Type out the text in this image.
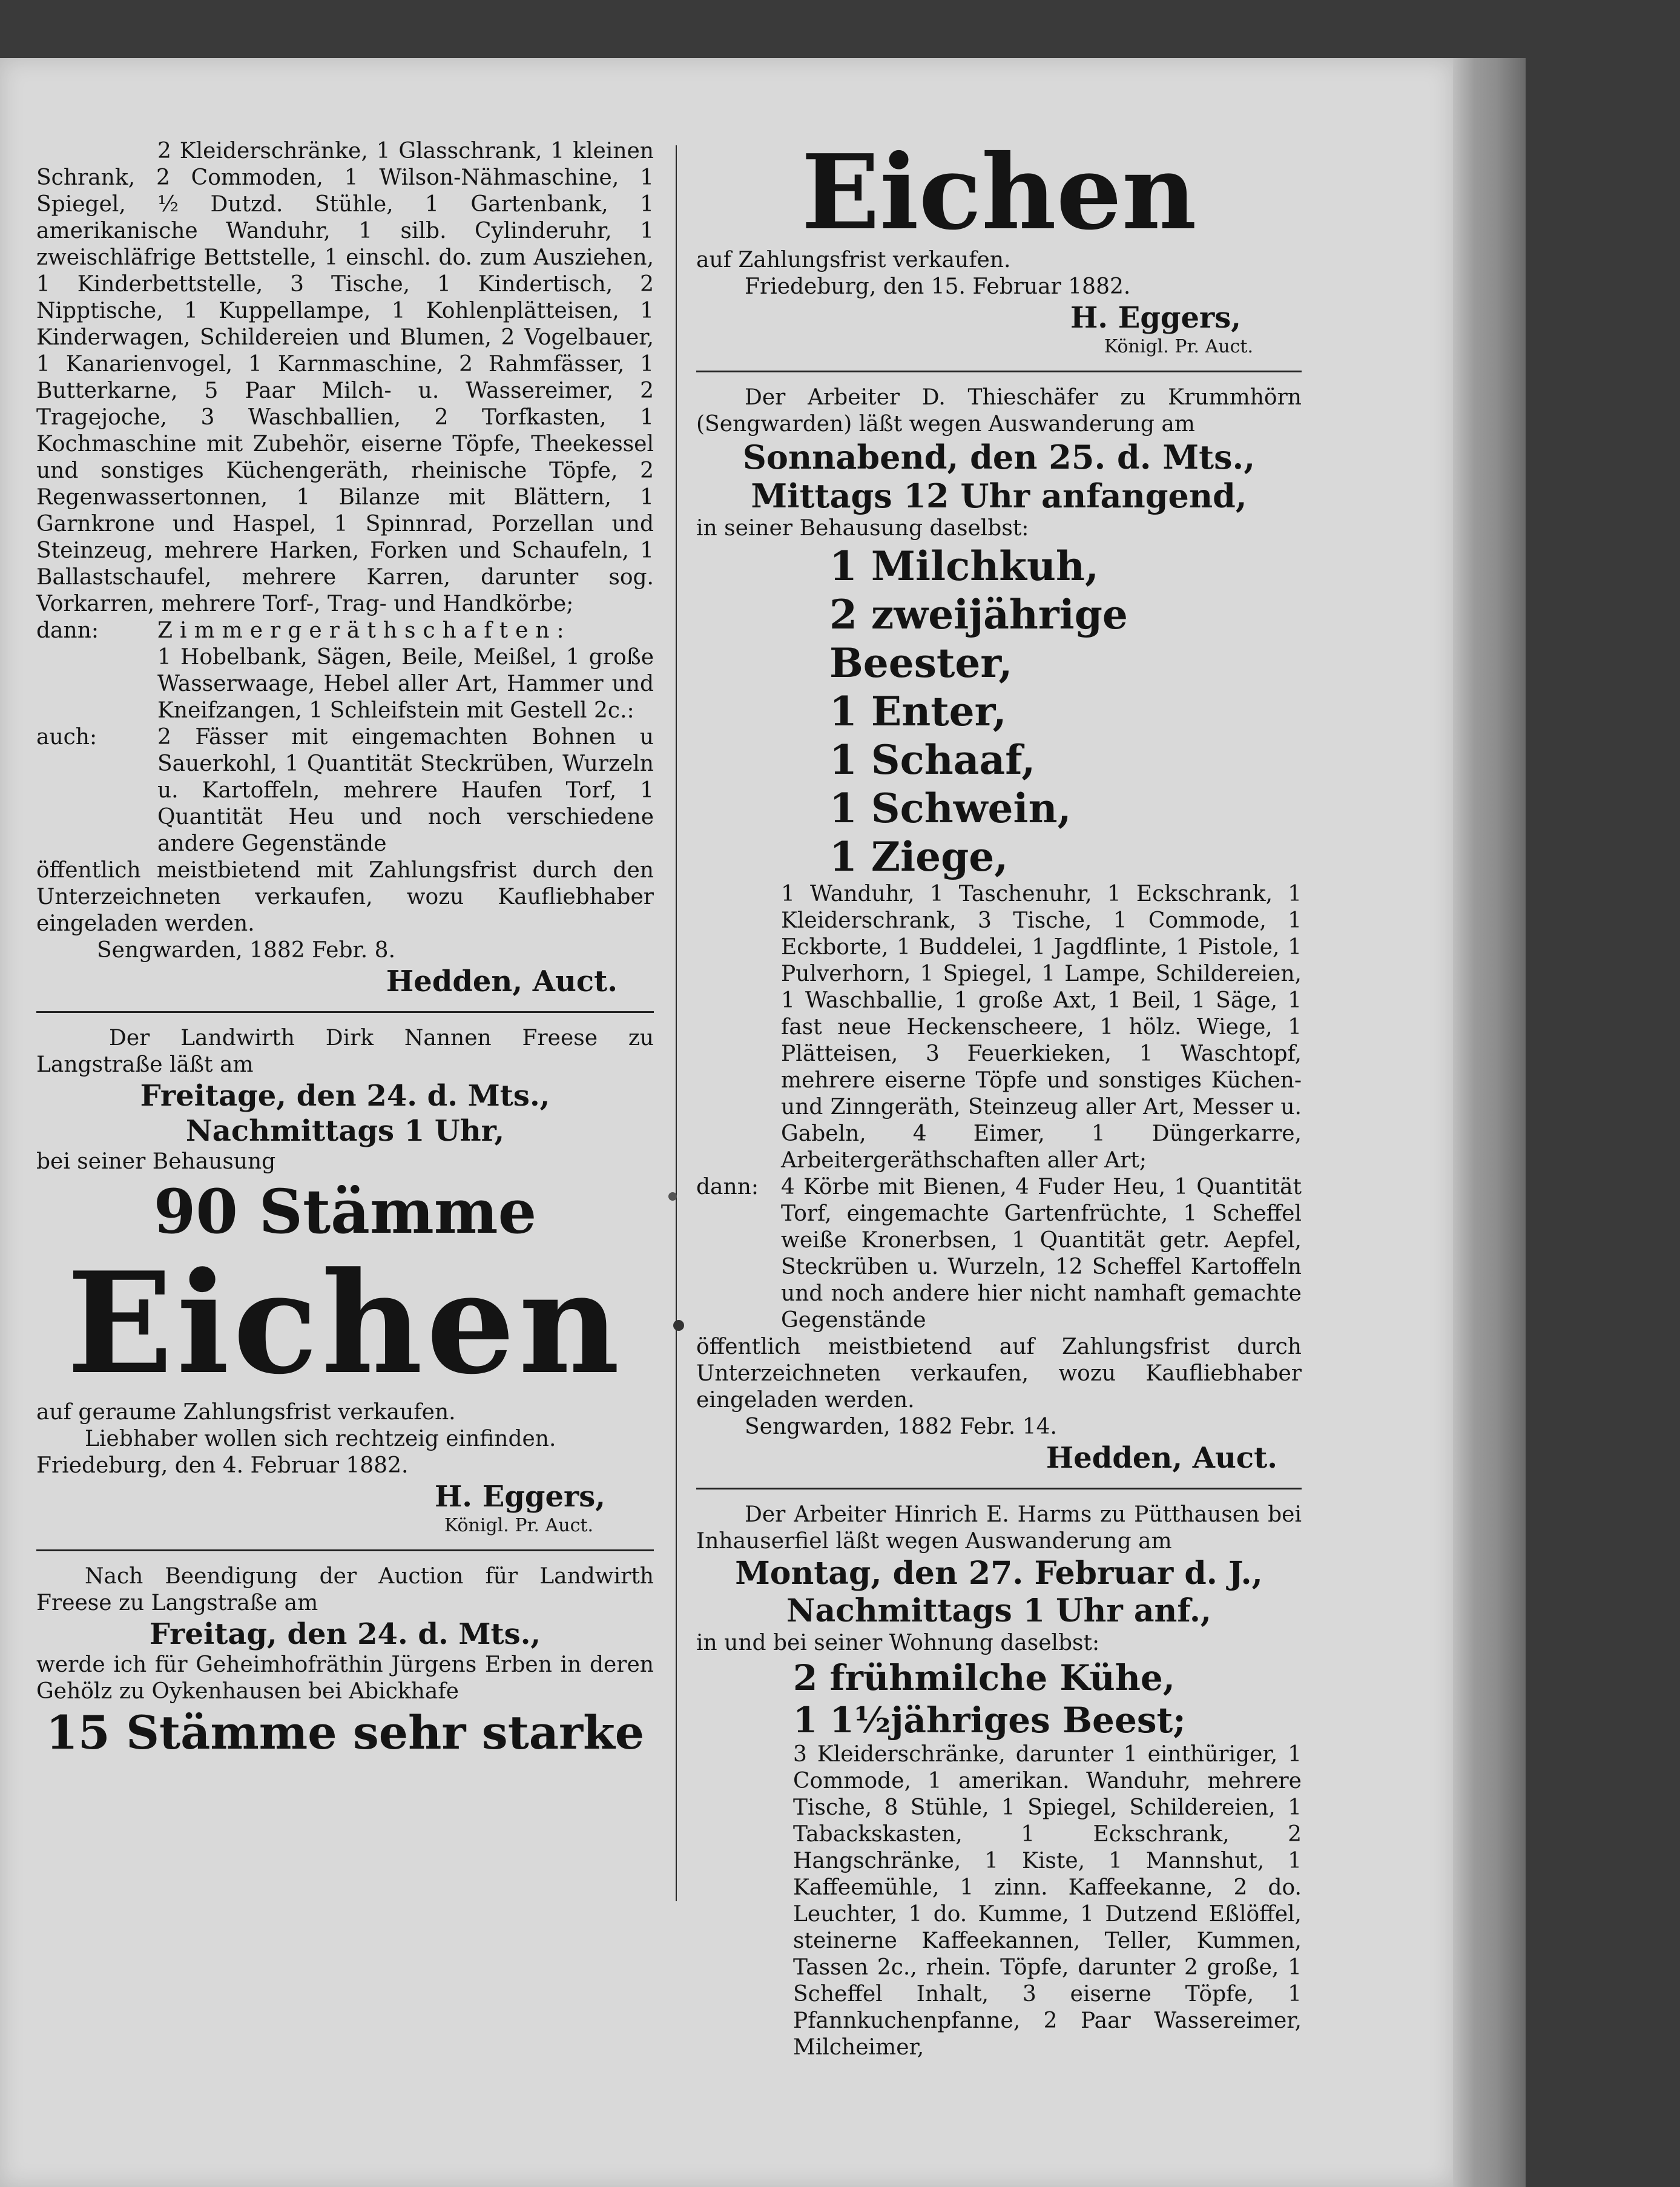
2 Kleiderschränke, 1 Glasschrank, 1 kleinen Schrank, 2 Commoden, 1 Wilson-Nähmaschine, 1 Spiegel, ½ Dutzd. Stühle, 1 Gartenbank, 1 amerikanische Wanduhr, 1 silb. Cylinderuhr, 1 zweischläfrige Bettstelle, 1 einschl. do. zum Ausziehen, 1 Kinderbettstelle, 3 Tische, 1 Kindertisch, 2 Nipptische, 1 Kuppellampe, 1 Kohlenplätteisen, 1 Kinderwagen, Schildereien und Blumen, 2 Vogelbauer, 1 Kanarienvogel, 1 Karnmaschine, 2 Rahmfässer, 1 Butterkarne, 5 Paar Milch- u. Wassereimer, 2 Tragejoche, 3 Waschballien, 2 Torfkasten, 1 Kochmaschine mit Zubehör, eiserne Töpfe, Theekessel und sonstiges Küchengeräth, rheinische Töpfe, 2 Regenwassertonnen, 1 Bilanze mit Blättern, 1 Garnkrone und Haspel, 1 Spinnrad, Porzellan und Steinzeug, mehrere Harken, Forken und Schaufeln, 1 Ballastschaufel, mehrere Karren, darunter sog. Vorkarren, mehrere Torf-, Trag- und Handkörbe;

dann:	Zimmergeräthschaften:

1 Hobelbank, Sägen, Beile, Meißel, 1 große Wasserwaage, Hebel aller Art, Hammer und Kneifzangen, 1 Schleifstein mit Gestell 2c.:

auch:	2 Fässer mit eingemachten Bohnen u Sauerkohl, 1 Quantität Steckrüben, Wurzeln u. Kartoffeln, mehrere Haufen Torf, 1 Quantität Heu und noch verschiedene andere Gegenstände

öffentlich meistbietend mit Zahlungsfrist durch den Unterzeichneten verkaufen, wozu Kaufliebhaber eingeladen werden.

Sengwarden, 1882 Febr. 8.

Hedden, Auct.

Der Landwirth Dirk Nannen Freese zu Langstraße läßt am

Freitage, den 24. d. Mts.,

Nachmittags 1 Uhr,

bei seiner Behausung

90 Stämme

Eichen

auf geraume Zahlungsfrist verkaufen.

Liebhaber wollen sich rechtzeig einfinden.

Friedeburg, den 4. Februar 1882.

H. Eggers,

Königl. Pr. Auct.

Nach Beendigung der Auction für Landwirth Freese zu Langstraße am

Freitag, den 24. d. Mts.,

werde ich für Geheimhofräthin Jürgens Erben in deren Gehölz zu Oykenhausen bei Abickhafe

15 Stämme sehr starke

Eichen

auf Zahlungsfrist verkaufen.

Friedeburg, den 15. Februar 1882.

H. Eggers,

Königl. Pr. Auct.

Der Arbeiter D. Thieschäfer zu Krummhörn (Sengwarden) läßt wegen Auswanderung am

Sonnabend, den 25. d. Mts.,

Mittags 12 Uhr anfangend,

in seiner Behausung daselbst:

1 Milchkuh,

2 zweijährige Beester,

1 Enter,

1 Schaaf,

1 Schwein,

1 Ziege,

1 Wanduhr, 1 Taschenuhr, 1 Eckschrank, 1 Kleiderschrank, 3 Tische, 1 Commode, 1 Eckborte, 1 Buddelei, 1 Jagdflinte, 1 Pistole, 1 Pulverhorn, 1 Spiegel, 1 Lampe, Schildereien, 1 Waschballie, 1 große Axt, 1 Beil, 1 Säge, 1 fast neue Heckenscheere, 1 hölz. Wiege, 1 Plätteisen, 3 Feuerkieken, 1 Waschtopf, mehrere eiserne Töpfe und sonstiges Küchen- und Zinngeräth, Steinzeug aller Art, Messer u. Gabeln, 4 Eimer, 1 Düngerkarre, Arbeitergeräthschaften aller Art;

dann:	4 Körbe mit Bienen, 4 Fuder Heu, 1 Quantität Torf, eingemachte Gartenfrüchte, 1 Scheffel weiße Kronerbsen, 1 Quantität getr. Aepfel, Steckrüben u. Wurzeln, 12 Scheffel Kartoffeln und noch andere hier nicht namhaft gemachte Gegenstände

öffentlich meistbietend auf Zahlungsfrist durch Unterzeichneten verkaufen, wozu Kaufliebhaber eingeladen werden.

Sengwarden, 1882 Febr. 14.

Hedden, Auct.

Der Arbeiter Hinrich E. Harms zu Pütthausen bei Inhauserfiel läßt wegen Auswanderung am

Montag, den 27. Februar d. J.,

Nachmittags 1 Uhr anf.,

in und bei seiner Wohnung daselbst:

2 frühmilche Kühe,

1 1½jähriges Beest;

3 Kleiderschränke, darunter 1 einthüriger, 1 Commode, 1 amerikan. Wanduhr, mehrere Tische, 8 Stühle, 1 Spiegel, Schildereien, 1 Tabackskasten, 1 Eckschrank, 2 Hangschränke, 1 Kiste, 1 Mannshut, 1 Kaffeemühle, 1 zinn. Kaffeekanne, 2 do. Leuchter, 1 do. Kumme, 1 Dutzend Eßlöffel, steinerne Kaffeekannen, Teller, Kummen, Tassen 2c., rhein. Töpfe, darunter 2 große, 1 Scheffel Inhalt, 3 eiserne Töpfe, 1 Pfannkuchenpfanne, 2 Paar Wassereimer, Milcheimer,
